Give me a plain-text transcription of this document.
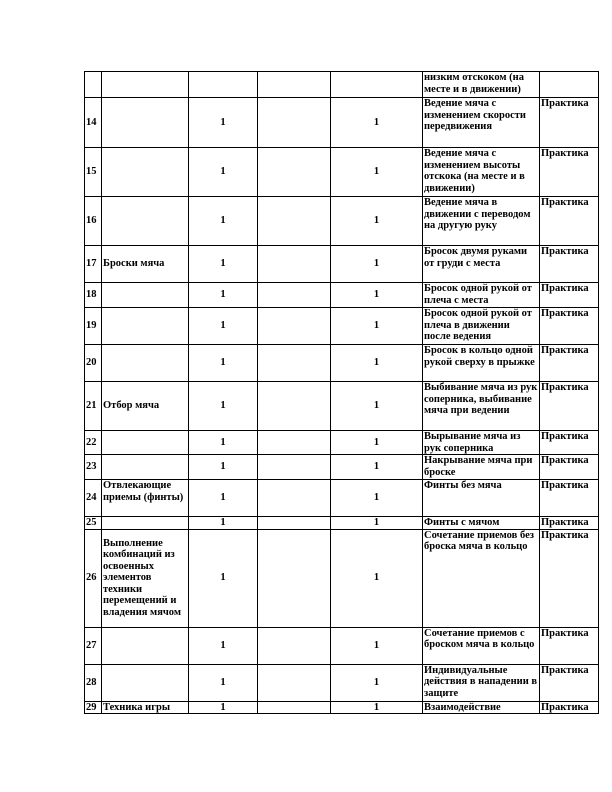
					низким отскоком (на месте и в движении)	
14		1		1	Ведение мяча с изменением скорости передвижения	Практика
15		1		1	Ведение мяча с изменением высоты отскока (на месте и в движении)	Практика
16		1		1	Ведение мяча в движении с переводом на другую руку	Практика
17	Броски мяча	1		1	Бросок двумя руками от груди с места	Практика
18		1		1	Бросок одной рукой от плеча с места	Практика
19		1		1	Бросок одной рукой от плеча в движении после ведения	Практика
20		1		1	Бросок в кольцо одной рукой сверху в прыжке	Практика
21	Отбор мяча	1		1	Выбивание мяча из рук соперника, выбивание мяча при ведении	Практика
22		1		1	Вырывание мяча из рук соперника	Практика
23		1		1	Накрывание мяча при броске	Практика
24	Отвлекающие приемы (финты)	1		1	Финты без мяча	Практика
25		1		1	Финты с мячом	Практика
26	Выполнение комбинаций из освоенных элементов техники перемещений и владения мячом	1		1	Сочетание приемов без броска мяча в кольцо	Практика
27		1		1	Сочетание приемов с броском мяча в кольцо	Практика
28		1		1	Индивидуальные действия в нападении в защите	Практика
29	Техника игры	1		1	Взаимодействие	Практика
